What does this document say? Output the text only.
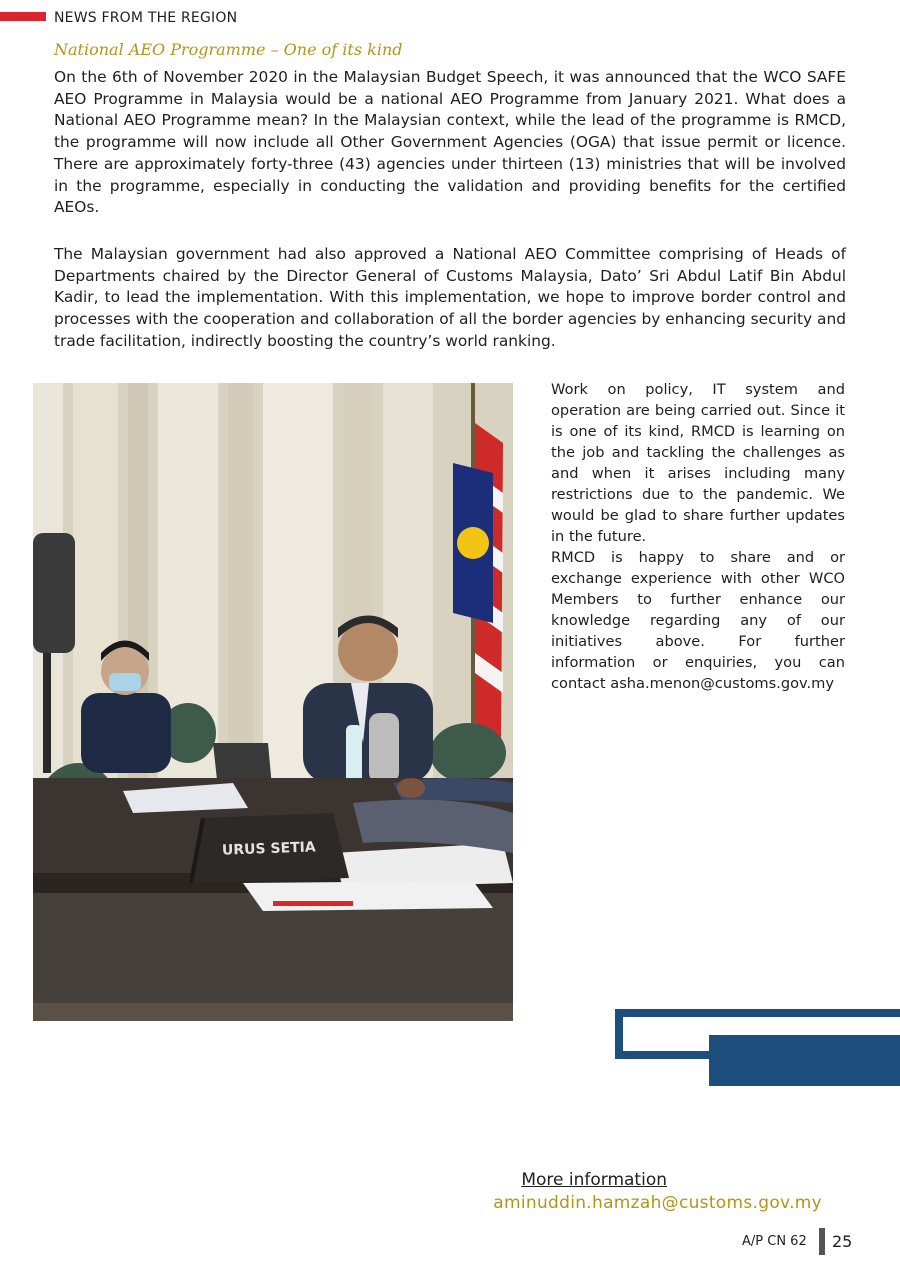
NEWS FROM THE REGION
National AEO Programme – One of its kind

On the 6th of November 2020 in the Malaysian Budget Speech, it was announced that the WCO SAFE AEO Programme in Malaysia would be a national AEO Programme from January 2021. What does a National AEO Programme mean? In the Malaysian context, while the lead of the programme is RMCD, the programme will now include all Other Government Agencies (OGA) that issue permit or licence. There are approximately forty-three (43) agencies under thirteen (13) ministries that will be involved in the programme, especially in conducting the validation and providing benefits for the certified AEOs.

The Malaysian government had also approved a National AEO Committee comprising of Heads of Departments chaired by the Director General of Customs Malaysia, Dato’ Sri Abdul Latif Bin Abdul Kadir, to lead the implementation. With this implementation, we hope to improve border control and processes with the cooperation and collaboration of all the border agencies by enhancing security and trade facilitation, indirectly boosting the country’s world ranking.

URUS SETIA

Work on policy, IT system and operation are being carried out. Since it is one of its kind, RMCD is learning on the job and tackling the challenges as and when it arises including many restrictions due to the pandemic. We would be glad to share further updates in the future.

RMCD is happy to share and or exchange experience with other WCO Members to further enhance our knowledge regarding any of our initiatives above. For further information or enquiries, you can contact asha.menon@customs.gov.my

More information
aminuddin.hamzah@customs.gov.my
A/P CN 62 25
